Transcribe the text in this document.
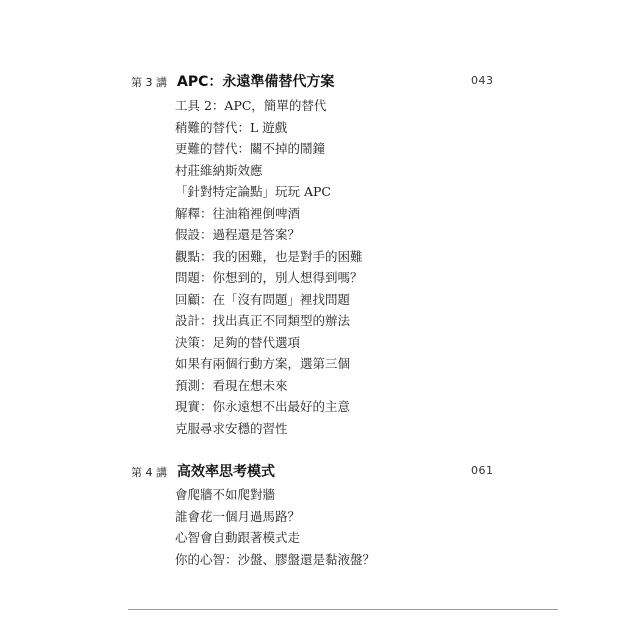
第 3 講 APC：永遠準備替代方案	043
工具 2：APC，簡單的替代
稍難的替代：L 遊戲
更難的替代：關不掉的鬧鐘
村莊維納斯效應
「針對特定論點」玩玩 APC
解釋：往油箱裡倒啤酒
假設：過程還是答案？
觀點：我的困難，也是對手的困難
問題：你想到的，別人想得到嗎？
回顧：在「沒有問題」裡找問題
設計：找出真正不同類型的辦法
決策：足夠的替代選項
如果有兩個行動方案，選第三個
預測：看現在想未來
現實：你永遠想不出最好的主意
克服尋求安穩的習性
第 4 講 高效率思考模式	061
會爬牆不如爬對牆
誰會花一個月過馬路？
心智會自動跟著模式走
你的心智：沙盤、膠盤還是黏液盤？
